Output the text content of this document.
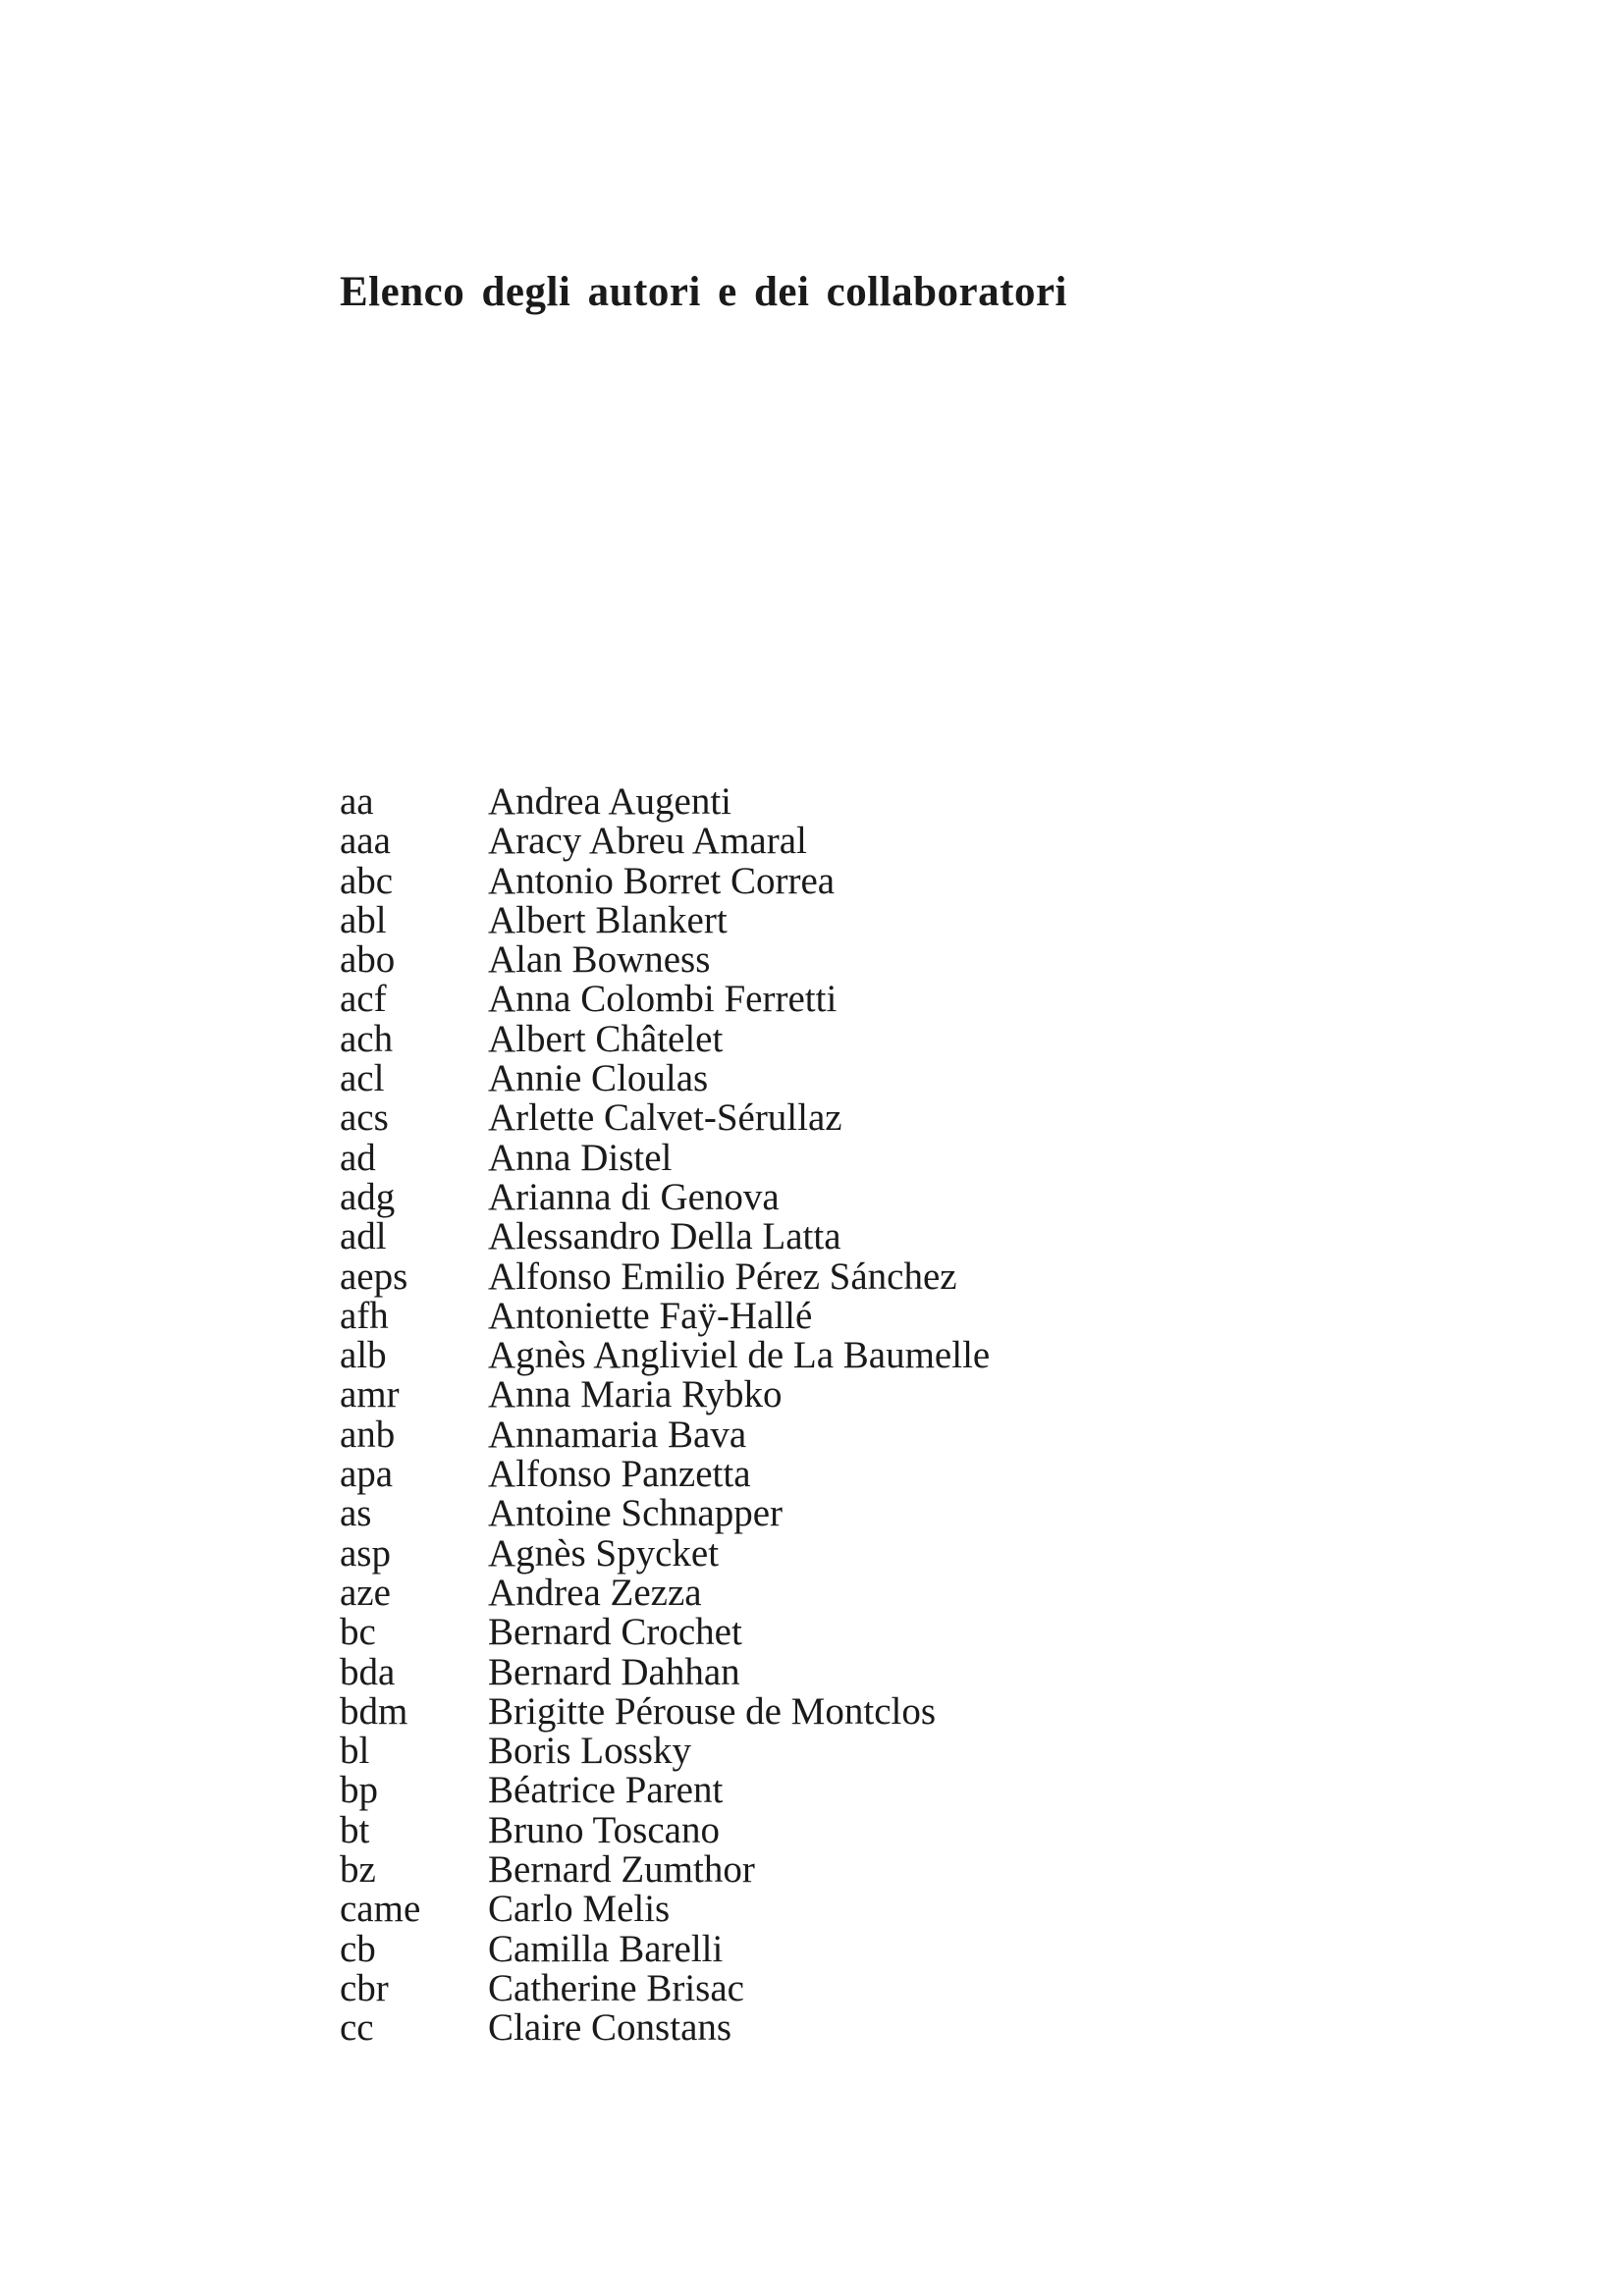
Elenco degli autori e dei collaboratori
aa	Andrea Augenti
aaa	Aracy Abreu Amaral
abc	Antonio Borret Correa
abl	Albert Blankert
abo	Alan Bowness
acf	Anna Colombi Ferretti
ach	Albert Châtelet
acl	Annie Cloulas
acs	Arlette Calvet-Sérullaz
ad	Anna Distel
adg	Arianna di Genova
adl	Alessandro Della Latta
aeps	Alfonso Emilio Pérez Sánchez
afh	Antoniette Faÿ-Hallé
alb	Agnès Angliviel de La Baumelle
amr	Anna Maria Rybko
anb	Annamaria Bava
apa	Alfonso Panzetta
as	Antoine Schnapper
asp	Agnès Spycket
aze	Andrea Zezza
bc	Bernard Crochet
bda	Bernard Dahhan
bdm	Brigitte Pérouse de Montclos
bl	Boris Lossky
bp	Béatrice Parent
bt	Bruno Toscano
bz	Bernard Zumthor
came	Carlo Melis
cb	Camilla Barelli
cbr	Catherine Brisac
cc	Claire Constans
